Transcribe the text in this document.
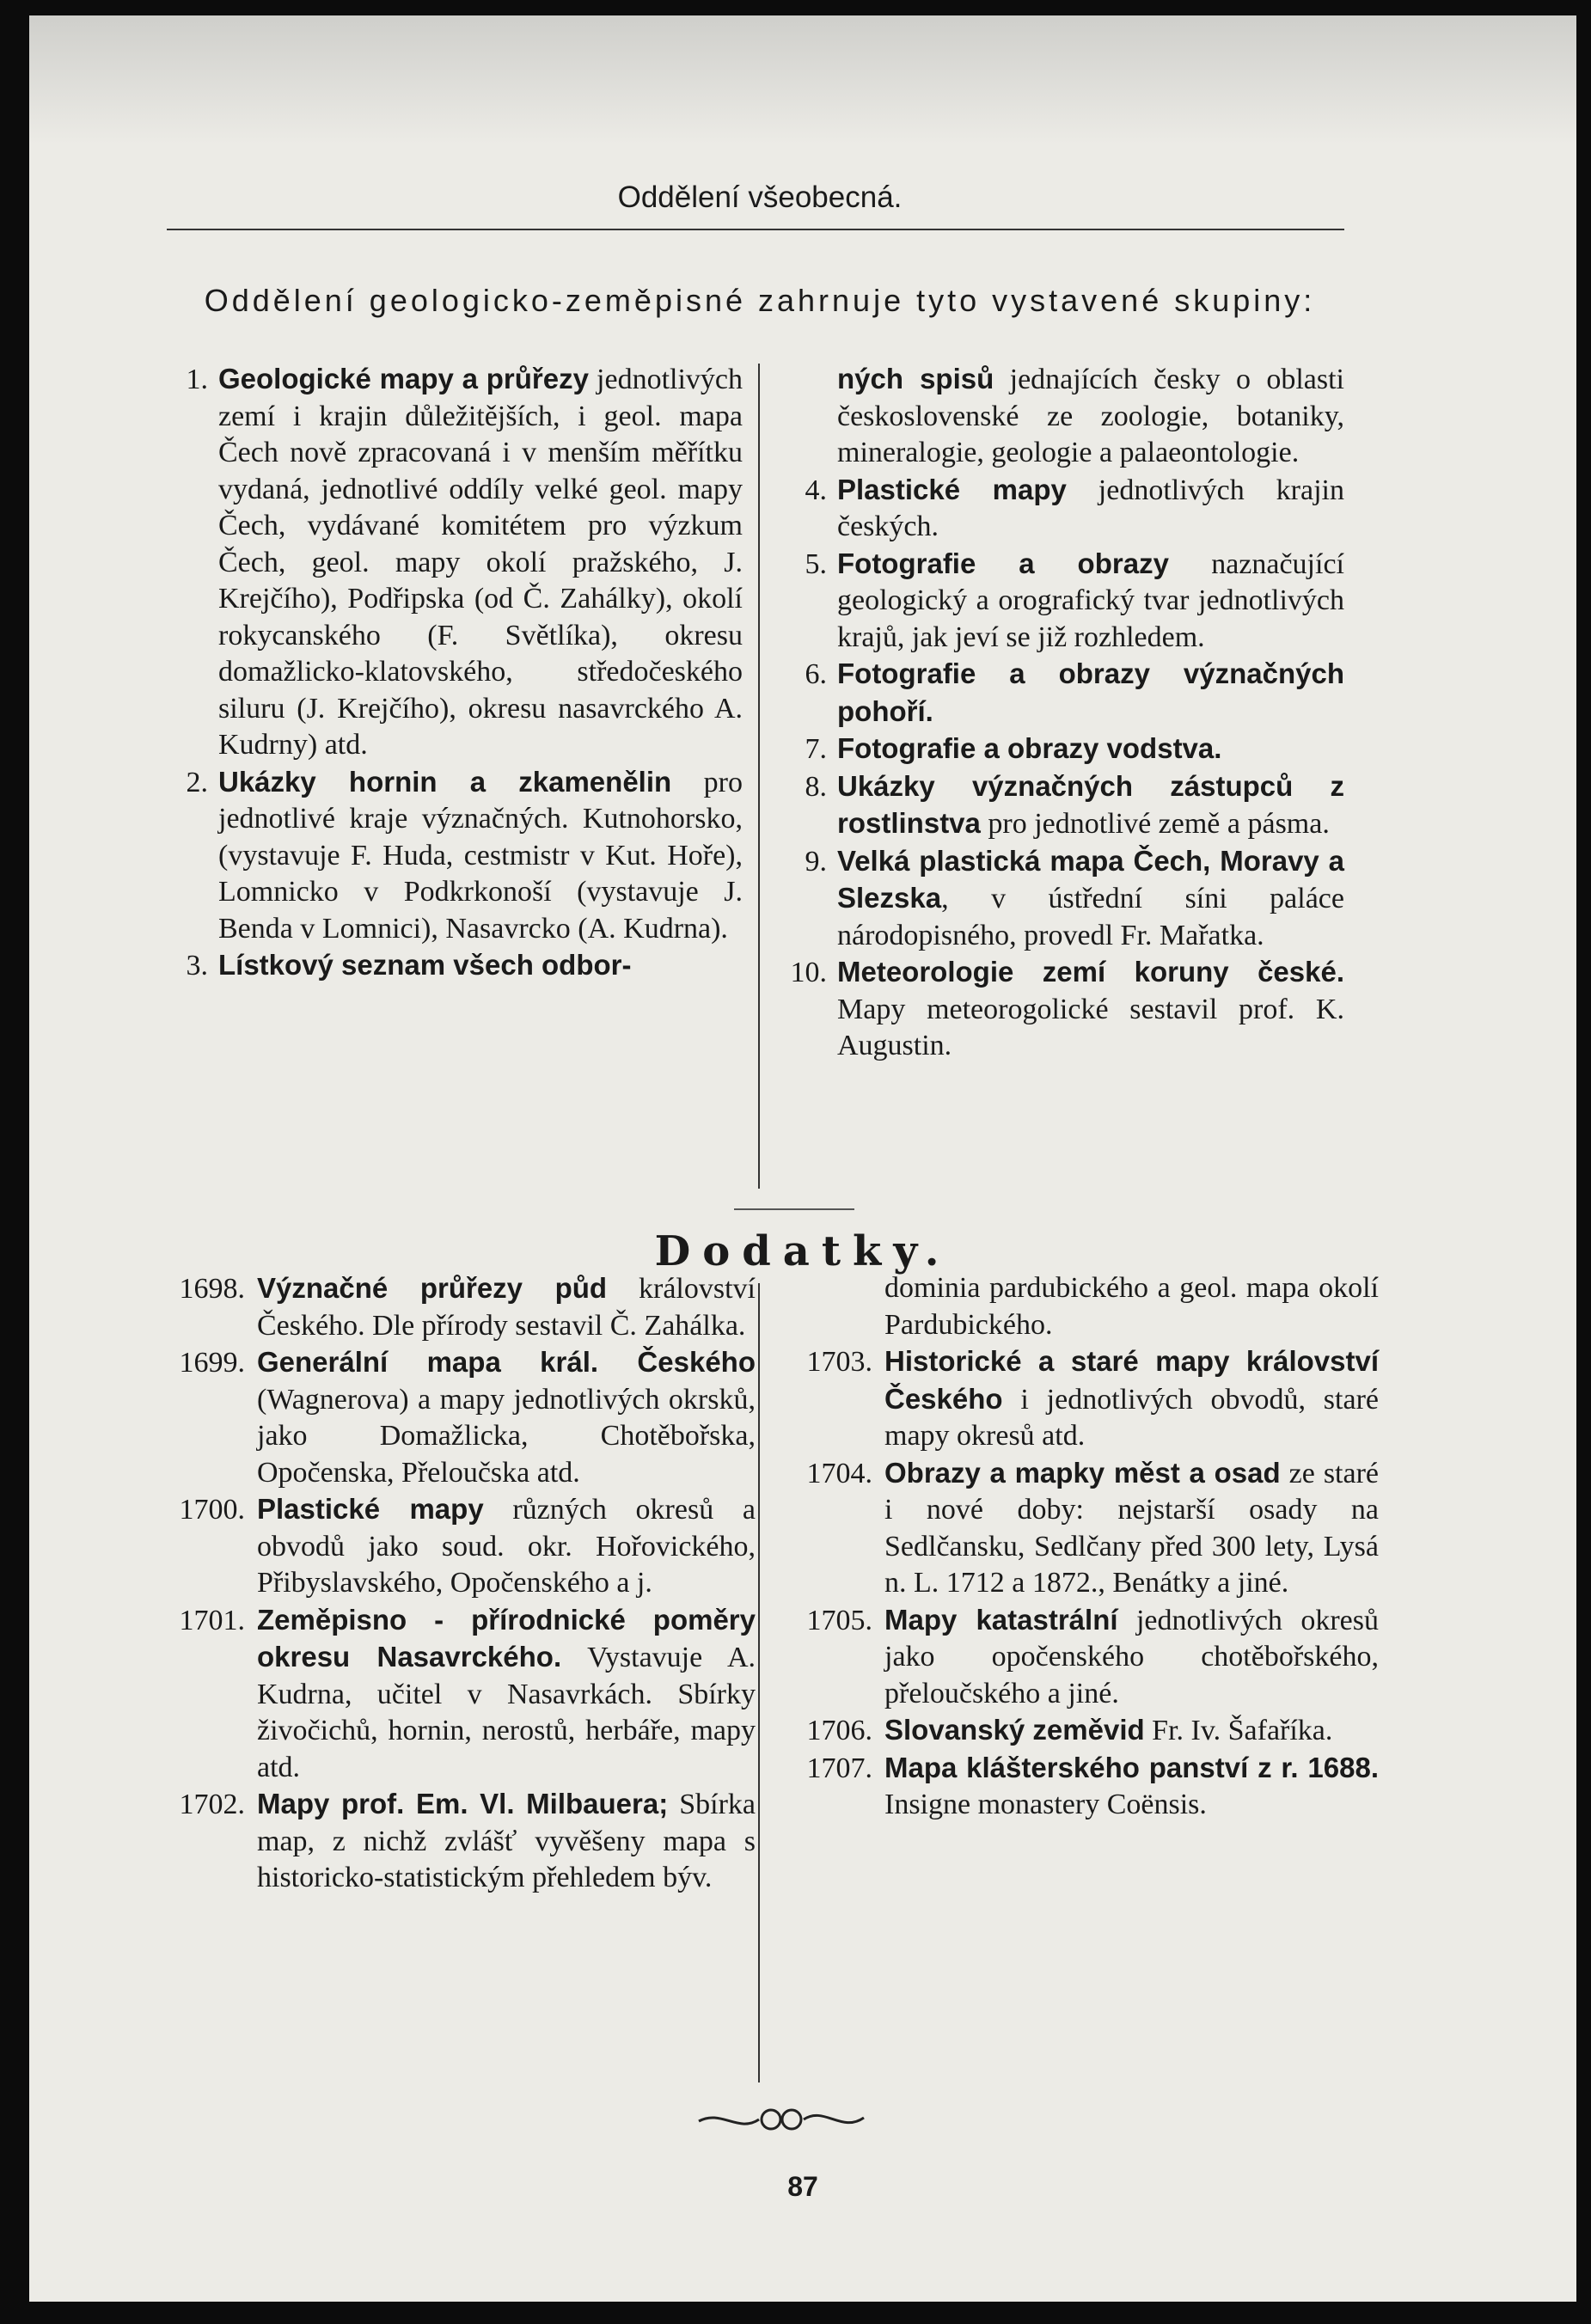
Oddělení všeobecná.
Oddělení geologicko-zeměpisné zahrnuje tyto vystavené skupiny:
1. Geologické mapy a průřezy jednotlivých zemí i krajin důležitějších, i geol. mapa Čech nově zpracovaná i v menším měřítku vydaná, jednotlivé oddíly velké geol. mapy Čech, vydávané komitétem pro výzkum Čech, geol. mapy okolí pražského, J. Krejčího), Podřipska (od Č. Zahálky), okolí rokycanského (F. Světlíka), okresu domažlicko-klatovského, středočeského siluru (J. Krejčího), okresu nasavrckého A. Kudrny) atd.
2. Ukázky hornin a zkamenělin pro jednotlivé kraje význačných. Kutnohorsko, (vystavuje F. Huda, cestmistr v Kut. Hoře), Lomnicko v Podkrkonoší (vystavuje J. Benda v Lomnici), Nasavrcko (A. Kudrna).
3. Lístkový seznam všech odbor-
ných spisů jednajících česky o oblasti československé ze zoologie, botaniky, mineralogie, geologie a palaeontologie.
4. Plastické mapy jednotlivých krajin českých.
5. Fotografie a obrazy naznačující geologický a orografický tvar jednotlivých krajů, jak jeví se již rozhledem.
6. Fotografie a obrazy význačných pohoří.
7. Fotografie a obrazy vodstva.
8. Ukázky význačných zástupců z rostlinstva pro jednotlivé země a pásma.
9. Velká plastická mapa Čech, Moravy a Slezska, v ústřední síni paláce národopisného, provedl Fr. Mařatka.
10. Meteorologie zemí koruny české. Mapy meteorogolické sestavil prof. K. Augustin.
Dodatky.
1698. Význačné průřezy půd království Českého. Dle přírody sestavil Č. Zahálka.
1699. Generální mapa král. Českého (Wagnerova) a mapy jednotlivých okrsků, jako Domažlicka, Chotěbořska, Opočenska, Přeloučska atd.
1700. Plastické mapy různých okresů a obvodů jako soud. okr. Hořovického, Přibyslavského, Opočenského a j.
1701. Zeměpisno - přírodnické poměry okresu Nasavrckého. Vystavuje A. Kudrna, učitel v Nasavrkách. Sbírky živočichů, hornin, nerostů, herbáře, mapy atd.
1702. Mapy prof. Em. Vl. Milbauera; Sbírka map, z nichž zvlášť vyvěšeny mapa s historicko-statistickým přehledem býv.
dominia pardubického a geol. mapa okolí Pardubického.
1703. Historické a staré mapy království Českého i jednotlivých obvodů, staré mapy okresů atd.
1704. Obrazy a mapky měst a osad ze staré i nové doby: nejstarší osady na Sedlčansku, Sedlčany před 300 lety, Lysá n. L. 1712 a 1872., Benátky a jiné.
1705. Mapy katastrální jednotlivých okresů jako opočenského chotěbořského, přeloučského a jiné.
1706. Slovanský zeměvid Fr. Iv. Šafaříka.
1707. Mapa klášterského panství z r. 1688. Insigne monastery Coënsis.
87
